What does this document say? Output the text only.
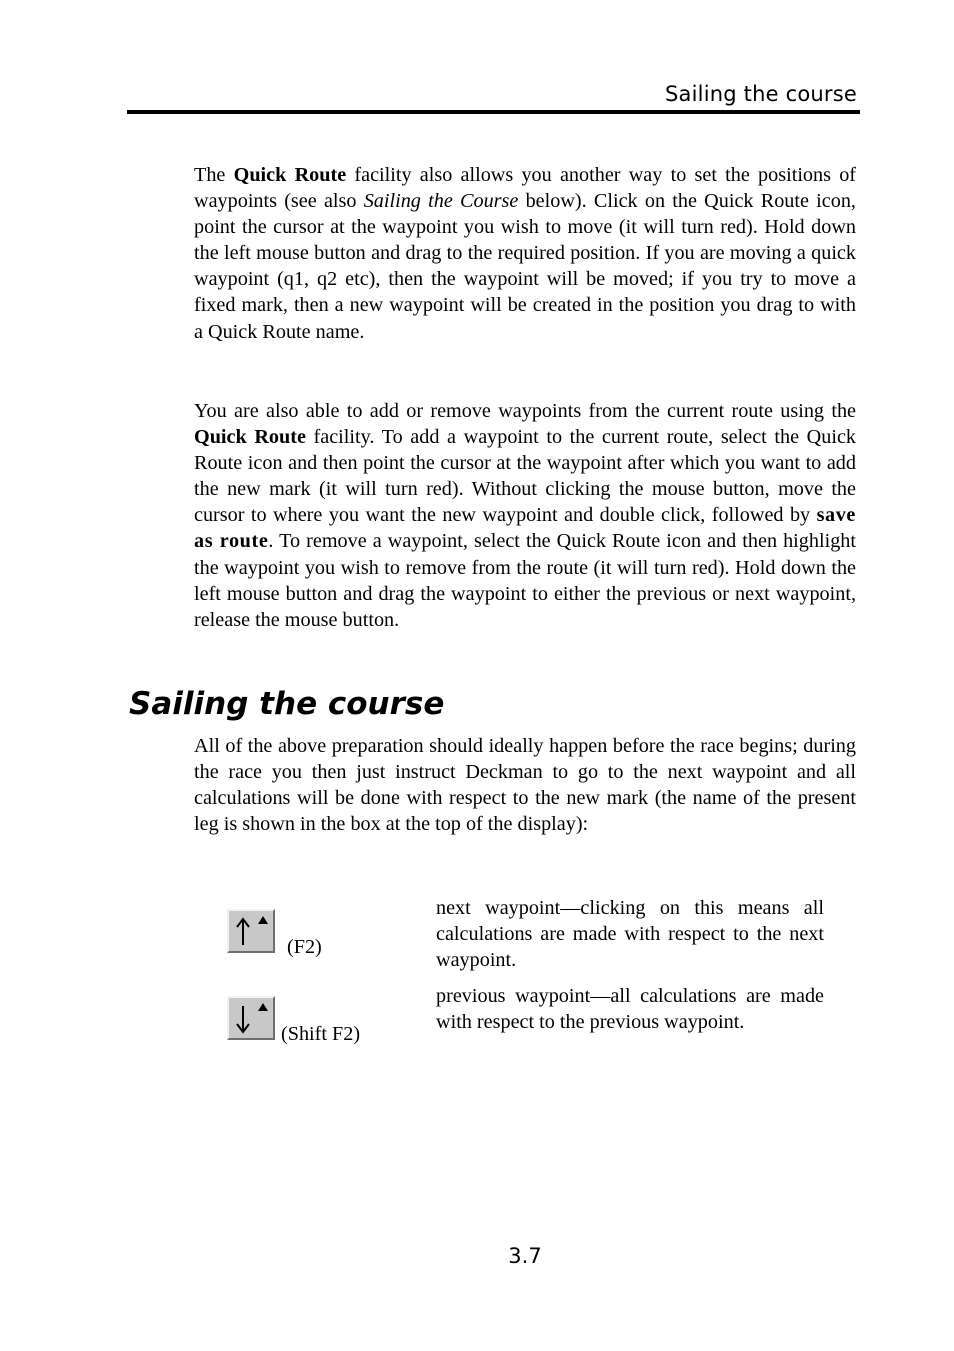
Sailing the course

The Quick Route facility also allows you another way to set the positions of waypoints (see also Sailing the Course below). Click on the Quick Route icon, point the cursor at the waypoint you wish to move (it will turn red). Hold down the left mouse button and drag to the required position. If you are moving a quick waypoint (q1, q2 etc), then the waypoint will be moved; if you try to move a fixed mark, then a new waypoint will be created in the position you drag to with a Quick Route name.

You are also able to add or remove waypoints from the current route using the Quick Route facility. To add a waypoint to the current route, select the Quick Route icon and then point the cursor at the waypoint after which you want to add the new mark (it will turn red). Without clicking the mouse button, move the cursor to where you want the new waypoint and double click, followed by save as route. To remove a waypoint, select the Quick Route icon and then highlight the waypoint you wish to remove from the route (it will turn red). Hold down the left mouse button and drag the waypoint to either the previous or next waypoint, release the mouse button.

Sailing the course

All of the above preparation should ideally happen before the race begins; during the race you then just instruct Deckman to go to the next waypoint and all calculations will be done with respect to the new mark (the name of the present leg is shown in the box at the top of the display):

(F2)

next waypoint—clicking on this means all calculations are made with respect to the next waypoint.

(Shift F2)

previous waypoint—all calculations are made with respect to the previous waypoint.

3.7
